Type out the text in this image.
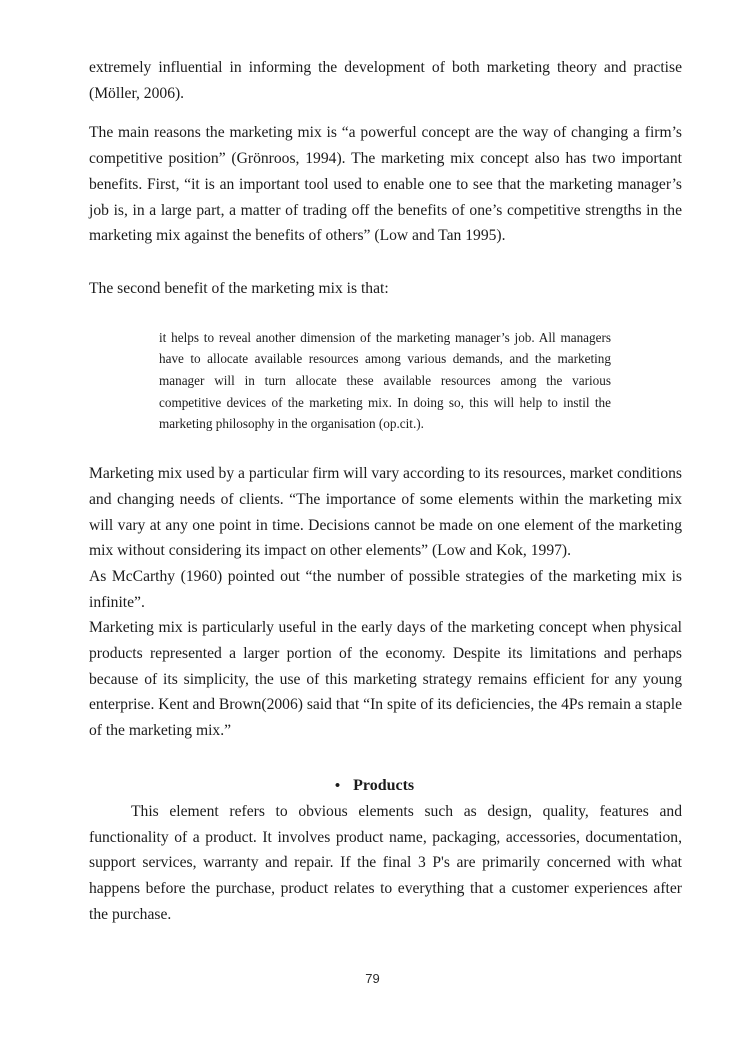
extremely influential in informing the development of both marketing theory and practise (Möller, 2006).

The main reasons the marketing mix is “a powerful concept are the way of changing a firm’s competitive position” (Grönroos, 1994). The marketing mix concept also has two important benefits. First, “it is an important tool used to enable one to see that the marketing manager’s job is, in a large part, a matter of trading off the benefits of one’s competitive strengths in the marketing mix against the benefits of others” (Low and Tan 1995).

The second benefit of the marketing mix is that:

it helps to reveal another dimension of the marketing manager’s job. All managers have to allocate available resources among various demands, and the marketing manager will in turn allocate these available resources among the various competitive devices of the marketing mix. In doing so, this will help to instil the marketing philosophy in the organisation (op.cit.).

Marketing mix used by a particular firm will vary according to its resources, market conditions and changing needs of clients. “The importance of some elements within the marketing mix will vary at any one point in time. Decisions cannot be made on one element of the marketing mix without considering its impact on other elements” (Low and Kok, 1997).

As McCarthy (1960) pointed out “the number of possible strategies of the marketing mix is infinite”.

Marketing mix is particularly useful in the early days of the marketing concept when physical products represented a larger portion of the economy. Despite its limitations and perhaps because of its simplicity, the use of this marketing strategy remains efficient for any young enterprise. Kent and Brown(2006) said that “In spite of its deficiencies, the 4Ps remain a staple of the marketing mix.”

• Products

This element refers to obvious elements such as design, quality, features and functionality of a product. It involves product name, packaging, accessories, documentation, support services, warranty and repair. If the final 3 P's are primarily concerned with what happens before the purchase, product relates to everything that a customer experiences after the purchase.

79
